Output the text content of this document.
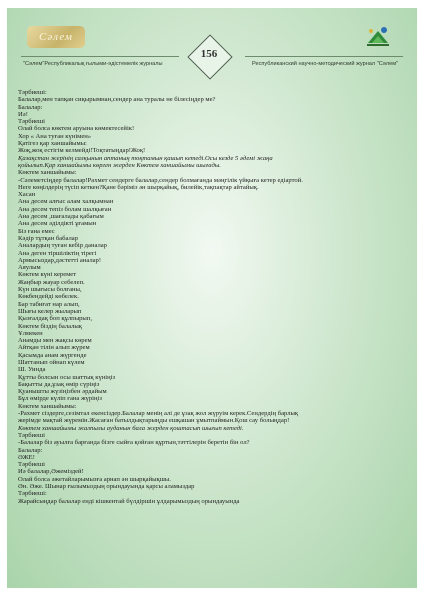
Сәлем
156
"Сәлем"Республикалық ғылыми-әдістемелік журналы	Республиканский научно-методический журнал "Сәлем"
Тәрбиеші:
Балалар,мен тапқан сиқырымнан,сендер ана туралы не білесіңдер ме?
Балалар:
Иә!
Тәрбиеші
Олай болса көктем аруына көмектесейік!
Хор « Ана туған күнімен»
Қатігез қар ханшайымы:
Жоқ,жоқ естігім келмейді!Тоқтатыңдар!Жоқ!
Қазақстан жерінің салқынын аптаның тоқтамын қашып кетеді.Осы кезде 5 әдемі жаңа
қойылып.Қар ханшайымы көрген жерден Көктем ханшайымы шығады.
Көктем ханшайымы:
-Сәлеметсіңдер балалар!Рахмет сендерге балалар,сендер болмағанда мәңгілік үйқыға кетер едіартой.
Неге көңілдерің түсіп кеткен?Қане бәріміз ән шырқайық, билейік,тақпақтар айтайық.
Хасан
Ана десем алғыс алам халқымнан
Ана десем тепіз болам шалқыған
Ана десем ,шағалады қабағым
Ана десем әділдікті ұғамын
Біз ғана емес
Кәдір тұтқан бабалар
Аналардың туған кебір даналар
Ана деген тіршіліктің тірегі
Армысыздар,дәстетті аналар!
Аяулым
Көктем күні керемет
Жаңбыр жауар себелеп.
Күн шығысы болғаны,
Көкбендейді көбелек.
Бар табиғат нар алып,
Шығы келер жыларып
Қызғалдақ боп құлпырып,
Көктем біздің балалық
Ұлмекен
Анамды мен жақсы көрем
Айтқан тілін алып жүрем
Қасымда анам жүргенде
Шаттанып ойнап күлем
Ш. Уинда
Құтты болсын осы шаттық күніңіз
Бақытты да,ұзақ өмір сүріңіз
Қуанышты жүзіңізбен әрдайым
Бұл өмірде күліп ғана жүріңіз
Көктем ханшайымы:
-Рахмет сіздерге,сезімтал екенсіздер.Балалар менің алі де ұзақ жол жүруім керек.Сендердің барлық
жерімде мақтай жүремін.Жасаған батылдықтарыңды ешқашан ұмытпаймын.Қош сау болыңдар!
Көктем ханшайымы жалпылы ауданын бала жерден қоштасып шығып кетеді.
Тәрбиеші
-Балалар біз ауылға барғанда бізге сыйға қойған құртын,тәттілерін беретін бін ол?
Балалар:
ӘЖЕ!
Тәрбиеші
Иә балалар,Әжеміздей!
Олай болса әжетайларымызға арнап ән шырқайықшы.
Ән. Әже. Шынар ғылымыздың орындауында қарсы аламыздар
Тәрбиеші:
Жарайсыңдар балалар енді кішкентай бүлдіршін ұлдарымыздың орындауында
